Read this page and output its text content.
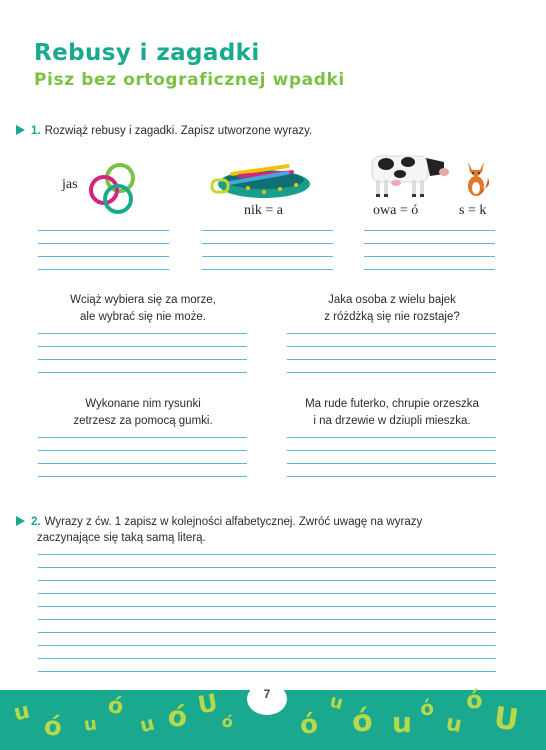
Rebusy i zagadki
Pisz bez ortograficznej wpadki
1. Rozwiąż rebusy i zagadki. Zapisz utworzone wyrazy.
jas
nik = a	owa = ó	s = k
Wciąż wybiera się za morze,
ale wybrać się nie może.
Jaka osoba z wielu bajek
z różdżką się nie rozstaje?
Wykonane nim rysunki
zetrzesz za pomocą gumki.
Ma rude futerko, chrupie orzeszka
i na drzewie w dziupli mieszka.
2. Wyrazy z ćw. 1 zapisz w kolejności alfabetycznej. Zwróć uwagę na wyrazy
zaczynające się taką samą literą.
u ó u
ó
u ó U
ó ó
u
ó u ó
u
ó
U
7
